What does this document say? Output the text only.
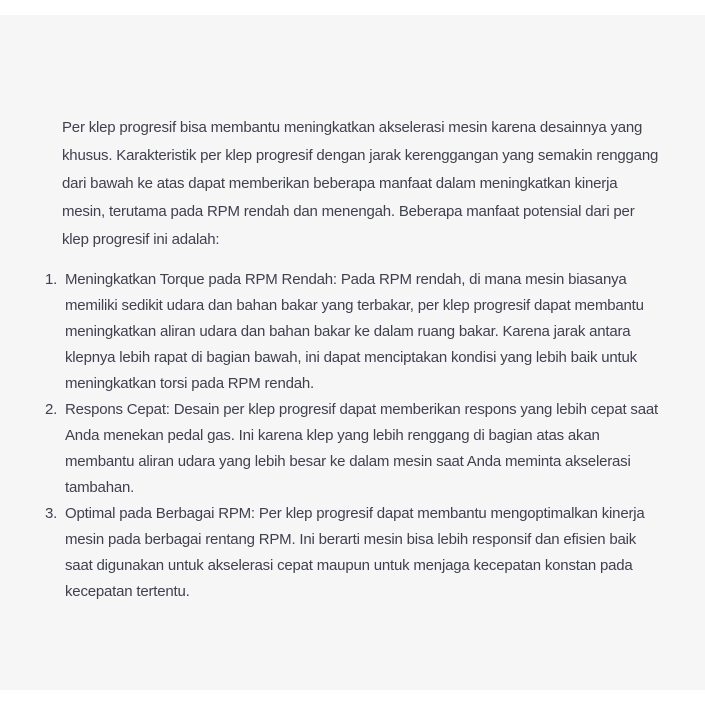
Per klep progresif bisa membantu meningkatkan akselerasi mesin karena desainnya yang khusus. Karakteristik per klep progresif dengan jarak kerenggangan yang semakin renggang dari bawah ke atas dapat memberikan beberapa manfaat dalam meningkatkan kinerja mesin, terutama pada RPM rendah dan menengah. Beberapa manfaat potensial dari per klep progresif ini adalah:

1. Meningkatkan Torque pada RPM Rendah: Pada RPM rendah, di mana mesin biasanya memiliki sedikit udara dan bahan bakar yang terbakar, per klep progresif dapat membantu meningkatkan aliran udara dan bahan bakar ke dalam ruang bakar. Karena jarak antara klepnya lebih rapat di bagian bawah, ini dapat menciptakan kondisi yang lebih baik untuk meningkatkan torsi pada RPM rendah.
2. Respons Cepat: Desain per klep progresif dapat memberikan respons yang lebih cepat saat Anda menekan pedal gas. Ini karena klep yang lebih renggang di bagian atas akan membantu aliran udara yang lebih besar ke dalam mesin saat Anda meminta akselerasi tambahan.
3. Optimal pada Berbagai RPM: Per klep progresif dapat membantu mengoptimalkan kinerja mesin pada berbagai rentang RPM. Ini berarti mesin bisa lebih responsif dan efisien baik saat digunakan untuk akselerasi cepat maupun untuk menjaga kecepatan konstan pada kecepatan tertentu.
